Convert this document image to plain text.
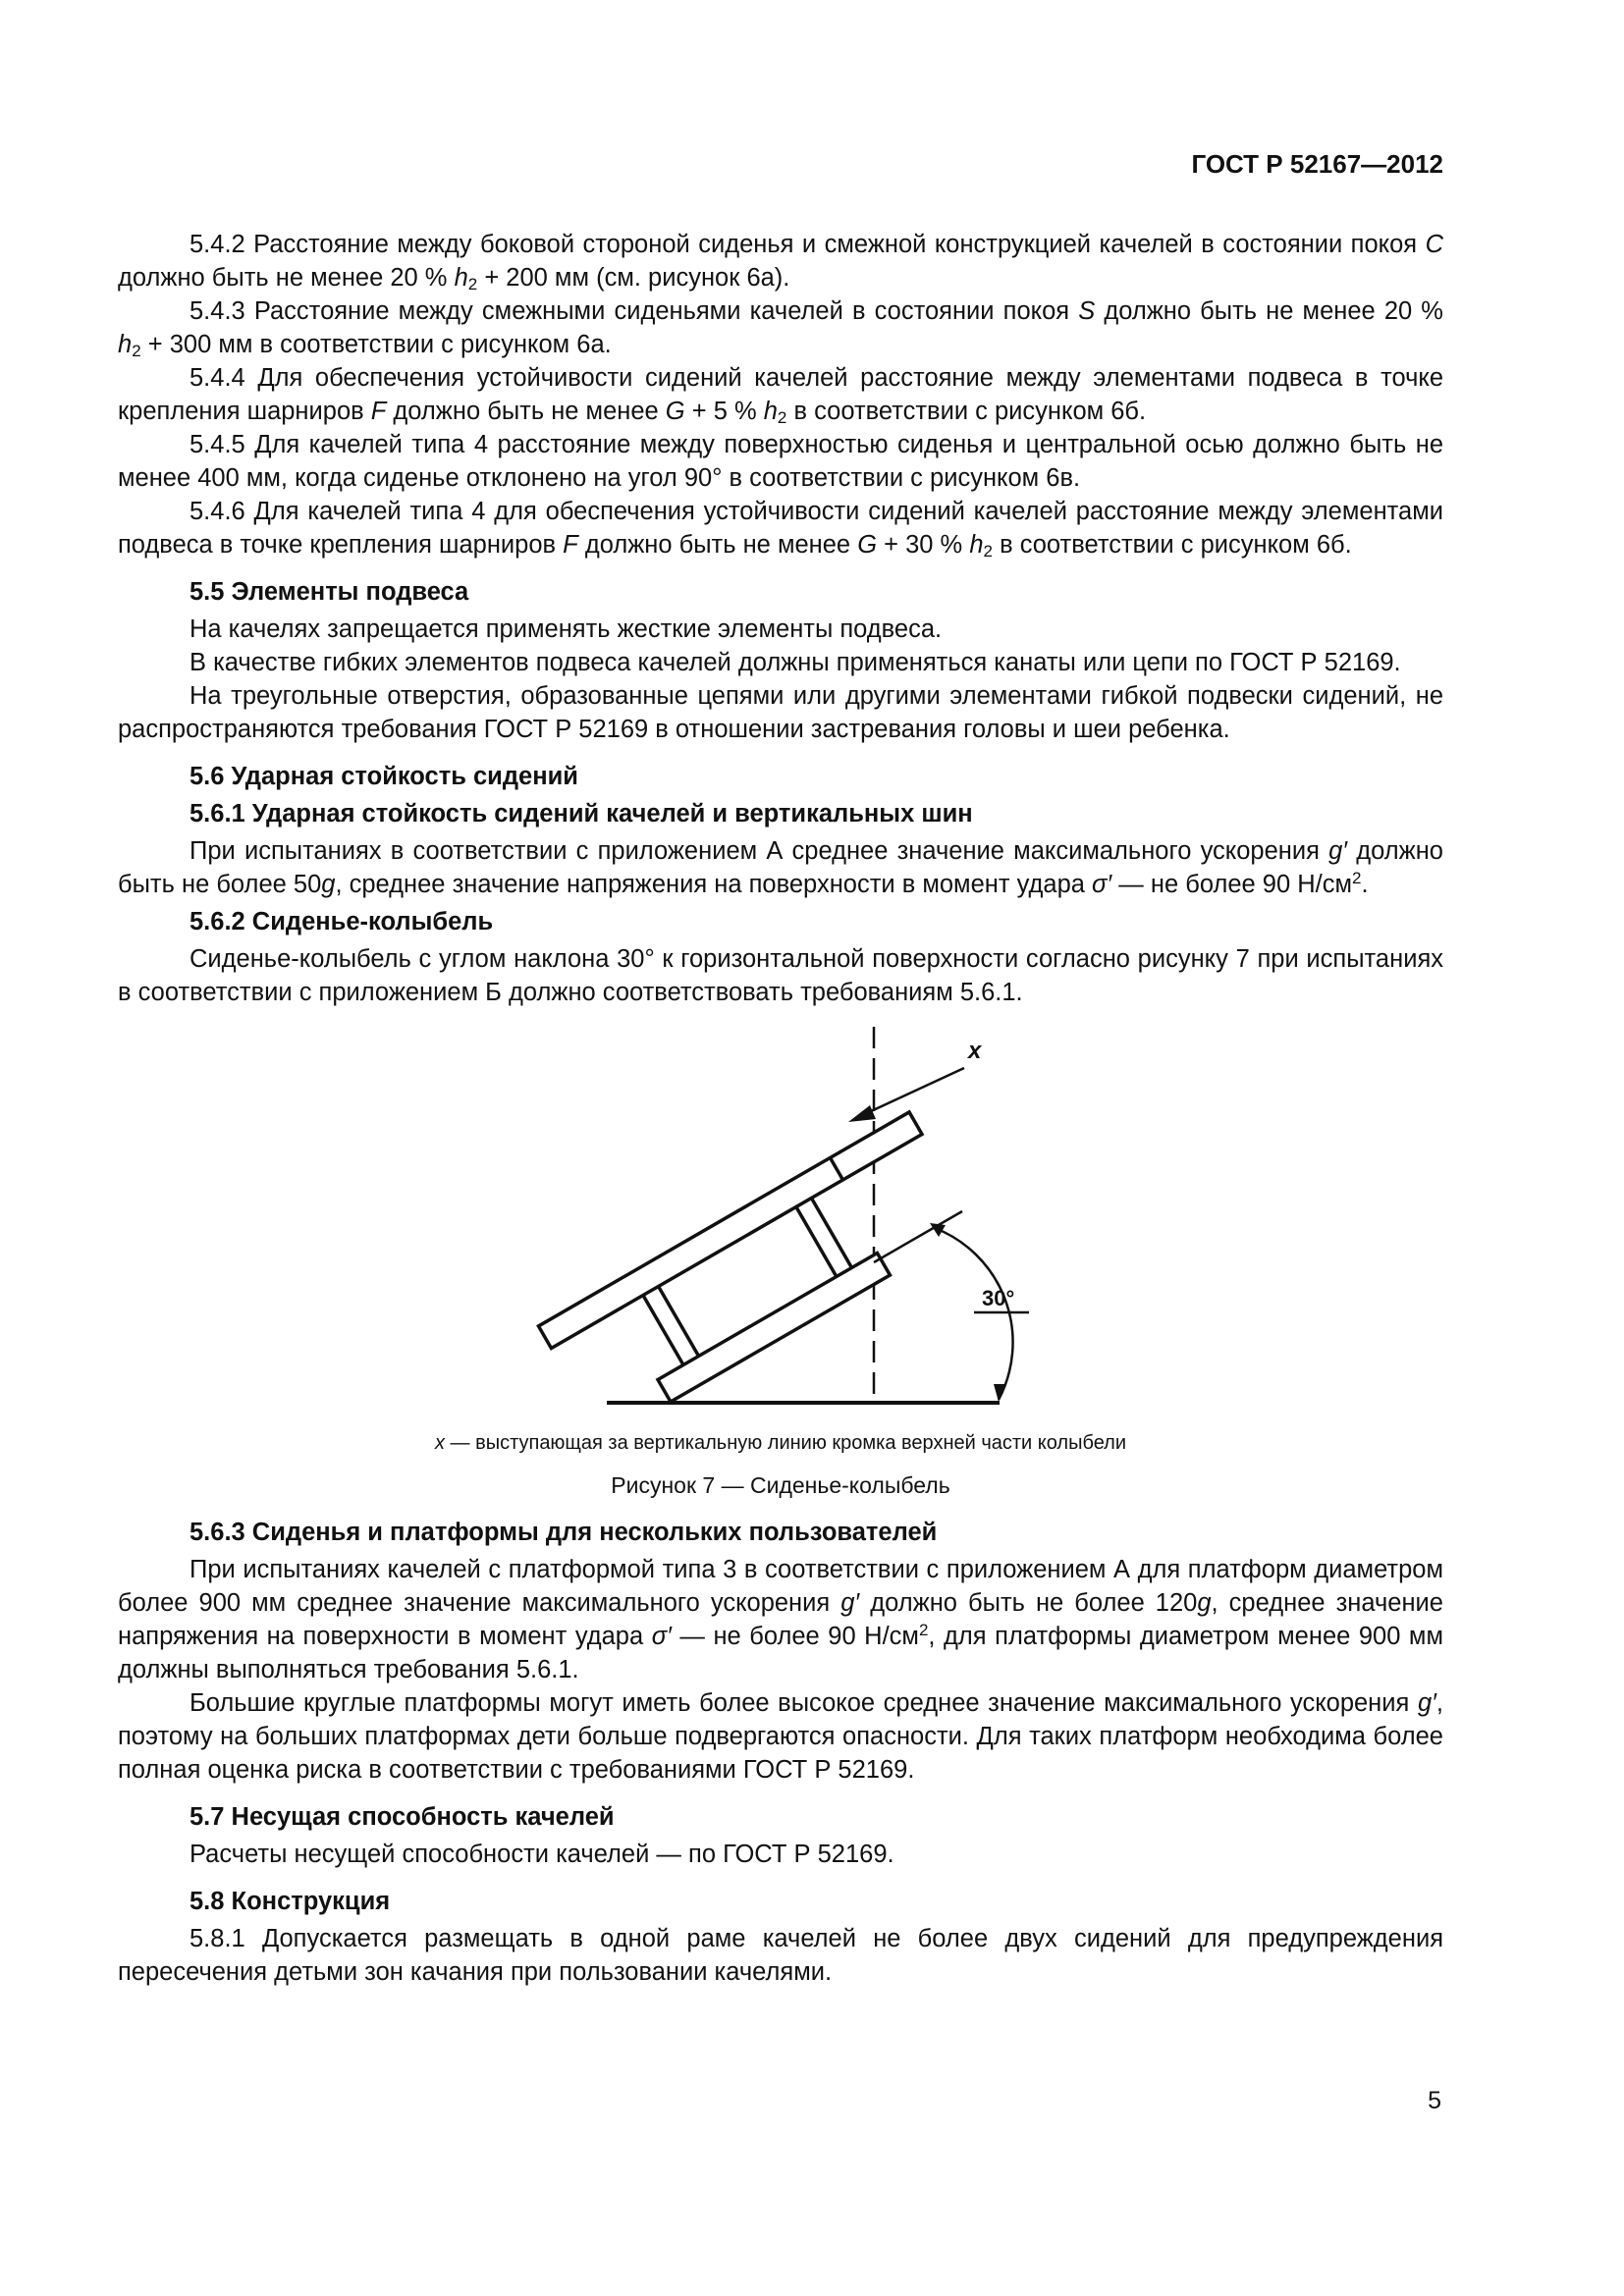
ГОСТ Р 52167—2012

5.4.2 Расстояние между боковой стороной сиденья и смежной конструкцией качелей в состоянии покоя C должно быть не менее 20 % $h_2 + 200$ мм (см. рисунок 6а).

5.4.3 Расстояние между смежными сиденьями качелей в состоянии покоя S должно быть не менее 20 % $h_2 + 300$ мм в соответствии с рисунком 6а.

5.4.4 Для обеспечения устойчивости сидений качелей расстояние между элементами подвеса в точке крепления шарниров F должно быть не менее G + 5 % $h_2$ в соответствии с рисунком 6б.

5.4.5 Для качелей типа 4 расстояние между поверхностью сиденья и центральной осью должно быть не менее 400 мм, когда сиденье отклонено на угол 90° в соответствии с рисунком 6в.

5.4.6 Для качелей типа 4 для обеспечения устойчивости сидений качелей расстояние между элементами подвеса в точке крепления шарниров F должно быть не менее G + 30 % $h_2$ в соответствии с рисунком 6б.

5.5 Элементы подвеса

На качелях запрещается применять жесткие элементы подвеса.

В качестве гибких элементов подвеса качелей должны применяться канаты или цепи по ГОСТ Р 52169.

На треугольные отверстия, образованные цепями или другими элементами гибкой подвески сидений, не распространяются требования ГОСТ Р 52169 в отношении застревания головы и шеи ребенка.

5.6 Ударная стойкость сидений
5.6.1 Ударная стойкость сидений качелей и вертикальных шин

При испытаниях в соответствии с приложением А среднее значение максимального ускорения g′ должно быть не более 50g, среднее значение напряжения на поверхности в момент удара σ′ — не более 90 $Н/см^2$.

5.6.2 Сиденье-колыбель

Сиденье-колыбель с углом наклона 30° к горизонтальной поверхности согласно рисунку 7 при испытаниях в соответствии с приложением Б должно соответствовать требованиям 5.6.1.

x
30°
x — выступающая за вертикальную линию кромка верхней части колыбели
Рисунок 7 — Сиденье-колыбель
5.6.3 Сиденья и платформы для нескольких пользователей

При испытаниях качелей с платформой типа 3 в соответствии с приложением А для платформ диаметром более 900 мм среднее значение максимального ускорения g′ должно быть не более 120g, среднее значение напряжения на поверхности в момент удара σ′ — не более 90 $Н/см^2$, для платформы диаметром менее 900 мм должны выполняться требования 5.6.1.

Большие круглые платформы могут иметь более высокое среднее значение максимального ускорения g′, поэтому на больших платформах дети больше подвергаются опасности. Для таких платформ необходима более полная оценка риска в соответствии с требованиями ГОСТ Р 52169.

5.7 Несущая способность качелей

Расчеты несущей способности качелей — по ГОСТ Р 52169.

5.8 Конструкция

5.8.1 Допускается размещать в одной раме качелей не более двух сидений для предупреждения пересечения детьми зон качания при пользовании качелями.

5
